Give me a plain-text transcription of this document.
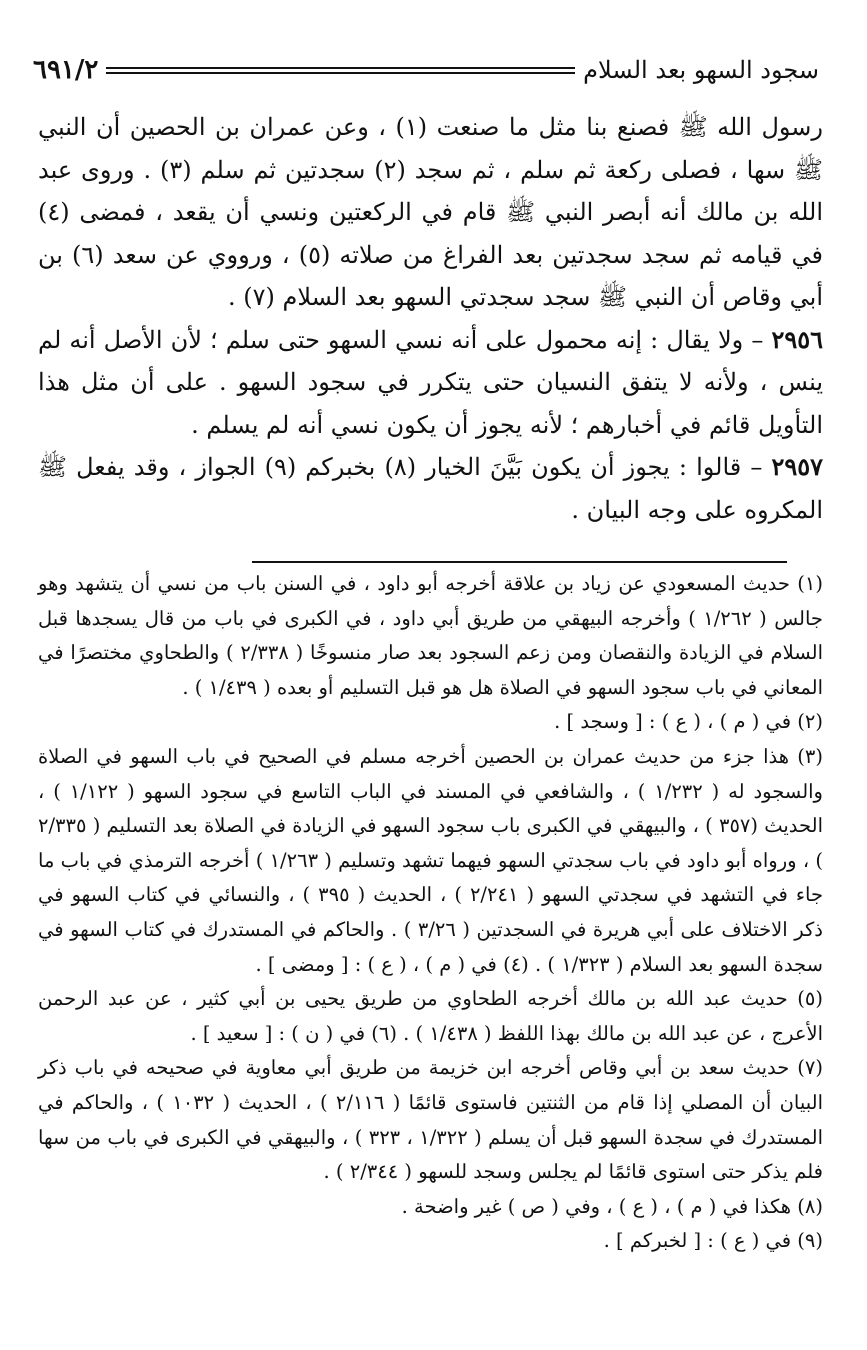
سجود السهو بعد السلام
٦٩١/٢

رسول الله ﷺ فصنع بنا مثل ما صنعت (١) ، وعن عمران بن الحصين أن النبي ﷺ سها ، فصلى ركعة ثم سلم ، ثم سجد (٢) سجدتين ثم سلم (٣) . وروى عبد الله بن مالك أنه أبصر النبي ﷺ قام في الركعتين ونسي أن يقعد ، فمضى (٤) في قيامه ثم سجد سجدتين بعد الفراغ من صلاته (٥) ، ورووي عن سعد (٦) بن أبي وقاص أن النبي ﷺ سجد سجدتي السهو بعد السلام (٧) .

٢٩٥٦ – ولا يقال : إنه محمول على أنه نسي السهو حتى سلم ؛ لأن الأصل أنه لم ينس ، ولأنه لا يتفق النسيان حتى يتكرر في سجود السهو . على أن مثل هذا التأويل قائم في أخبارهم ؛ لأنه يجوز أن يكون نسي أنه لم يسلم .

٢٩٥٧ – قالوا : يجوز أن يكون بَيَّنَ الخيار (٨) بخبركم (٩) الجواز ، وقد يفعل ﷺ المكروه على وجه البيان .

(١) حديث المسعودي عن زياد بن علاقة أخرجه أبو داود ، في السنن باب من نسي أن يتشهد وهو جالس ( ١/٢٦٢ ) وأخرجه البيهقي من طريق أبي داود ، في الكبرى في باب من قال يسجدها قبل السلام في الزيادة والنقصان ومن زعم السجود بعد صار منسوخًا ( ٢/٣٣٨ ) والطحاوي مختصرًا في المعاني في باب سجود السهو في الصلاة هل هو قبل التسليم أو بعده ( ١/٤٣٩ ) .

(٢) في ( م ) ، ( ع ) : [ وسجد ] .

(٣) هذا جزء من حديث عمران بن الحصين أخرجه مسلم في الصحيح في باب السهو في الصلاة والسجود له ( ١/٢٣٢ ) ، والشافعي في المسند في الباب التاسع في سجود السهو ( ١/١٢٢ ) ، الحديث (٣٥٧ ) ، والبيهقي في الكبرى باب سجود السهو في الزيادة في الصلاة بعد التسليم ( ٢/٣٣٥ ) ، ورواه أبو داود في باب سجدتي السهو فيهما تشهد وتسليم ( ١/٢٦٣ ) أخرجه الترمذي في باب ما جاء في التشهد في سجدتي السهو ( ٢/٢٤١ ) ، الحديث ( ٣٩٥ ) ، والنسائي في كتاب السهو في ذكر الاختلاف على أبي هريرة في السجدتين ( ٣/٢٦ ) . والحاكم في المستدرك في كتاب السهو في سجدة السهو بعد السلام ( ١/٣٢٣ ) . (٤) في ( م ) ، ( ع ) : [ ومضى ] .

(٥) حديث عبد الله بن مالك أخرجه الطحاوي من طريق يحيى بن أبي كثير ، عن عبد الرحمن الأعرج ، عن عبد الله بن مالك بهذا اللفظ ( ١/٤٣٨ ) . (٦) في ( ن ) : [ سعيد ] .

(٧) حديث سعد بن أبي وقاص أخرجه ابن خزيمة من طريق أبي معاوية في صحيحه في باب ذكر البيان أن المصلي إذا قام من الثنتين فاستوى قائمًا ( ٢/١١٦ ) ، الحديث ( ١٠٣٢ ) ، والحاكم في المستدرك في سجدة السهو قبل أن يسلم ( ١/٣٢٢ ، ٣٢٣ ) ، والبيهقي في الكبرى في باب من سها فلم يذكر حتى استوى قائمًا لم يجلس وسجد للسهو ( ٢/٣٤٤ ) .

(٨) هكذا في ( م ) ، ( ع ) ، وفي ( ص ) غير واضحة .

(٩) في ( ع ) : [ لخبركم ] .
